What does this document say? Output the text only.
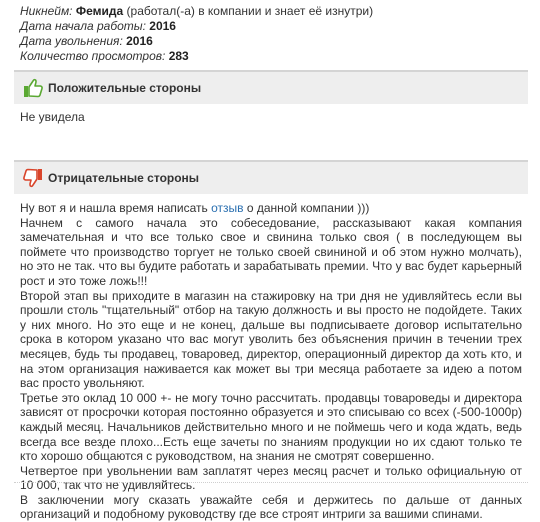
Никнейм: Фемида (работал(-а) в компании и знает её изнутри)
Дата начала работы: 2016
Дата увольнения: 2016
Количество просмотров: 283
Положительные стороны
Не увидела
Отрицательные стороны

Ну вот я и нашла время написать отзыв о данной компании )))

Начнем с самого начала это собеседование, рассказывают какая компания замечательная и что все только свое и свинина только своя ( в последующем вы поймете что производство торгует не только своей свининой и об этом нужно молчать), но это не так. что вы будите работать и зарабатывать премии. Что у вас будет карьерный рост и это тоже ложь!!!

Второй этап вы приходите в магазин на стажировку на три дня не удивляйтесь если вы прошли столь "тщательный" отбор на такую должность и вы просто не подойдете. Таких у них много. Но это еще и не конец, дальше вы подписываете договор испытательно срока в котором указано что вас могут уволить без объяснения причин в течении трех месяцев, будь ты продавец, товаровед, директор, операционный директор да хоть кто, и на этом организация наживается как может вы три месяца работаете за идею а потом вас просто увольняют.

Третье это оклад 10 000 +- не могу точно рассчитать. продавцы товароведы и директора зависят от просрочки которая постоянно образуется и это списываю со всех (-500-1000р) каждый месяц. Начальников действительно много и не поймешь чего и кода ждать, ведь всегда все везде плохо...Есть еще зачеты по знаниям продукции но их сдают только те кто хорошо общаются с руководством, на знания не смотрят совершенно.

Четвертое при увольнении вам заплатят через месяц расчет и только официальную от 10 000, так что не удивляйтесь.

В заключении могу сказать уважайте себя и держитесь по дальше от данных организаций и подобному руководству где все строят интриги за вашими спинами.
